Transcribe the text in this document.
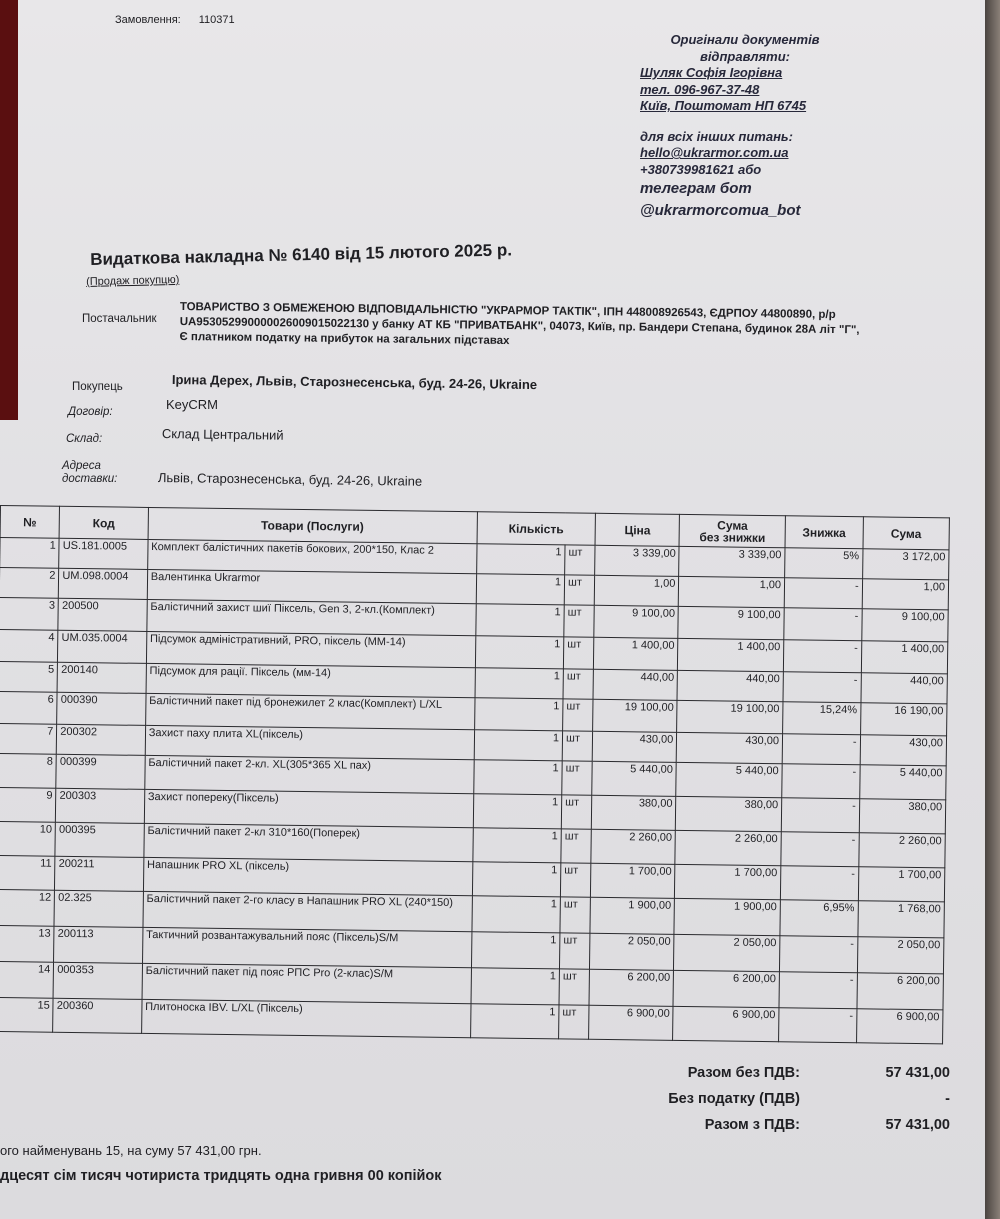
Замовлення: 110371
Оригінали документів відправляти:
Шуляк Софія Ігорівна
тел. 096-967-37-48
Київ, Поштомат НП 6745
для всіх інших питань:
hello@ukrarmor.com.ua
+380739981621 або
телеграм бот
@ukrarmorcomua_bot
Видаткова накладна № 6140 від 15 лютого 2025 р.
(Продаж покупцю)
Постачальник ТОВАРИСТВО З ОБМЕЖЕНОЮ ВІДПОВІДАЛЬНІСТЮ "УКРАРМОР ТАКТІК", ІПН 448008926543, ЄДРПОУ 44800890, р/р UA953052990000026009015022130 у банку АТ КБ "ПРИВАТБАНК", 04073, Київ, пр. Бандери Степана, будинок 28А літ "Г", Є платником податку на прибуток на загальних підставах
Покупець	Ірина Дерех, Львів, Старознесенська, буд. 24-26, Ukraine
Договір:	KeyCRM
Склад:	Склад Центральний
Адреса
доставки:	Львів, Старознесенська, буд. 24-26, Ukraine
№	Код	Товари (Послуги)	Кількість		Ціна	Сума
без знижки	Знижка	Сума
1	US.181.0005	Комплект балістичних пакетів бокових, 200*150, Клас 2	1	шт	3 339,00	3 339,00	5%	3 172,00
2	UM.098.0004	Валентинка Ukrarmor	1	шт	1,00	1,00	-	1,00
3	200500	Балістичний захист шиї Піксель, Gen 3, 2-кл.(Комплект)	1	шт	9 100,00	9 100,00	-	9 100,00
4	UM.035.0004	Підсумок адміністративний, PRO, піксель (ММ-14)	1	шт	1 400,00	1 400,00	-	1 400,00
5	200140	Підсумок для рації. Піксель (мм-14)	1	шт	440,00	440,00	-	440,00
6	000390	Балістичний пакет під бронежилет 2 клас(Комплект) L/XL	1	шт	19 100,00	19 100,00	15,24%	16 190,00
7	200302	Захист паху плита XL(піксель)	1	шт	430,00	430,00	-	430,00
8	000399	Балістичний пакет 2-кл. XL(305*365 XL пах)	1	шт	5 440,00	5 440,00	-	5 440,00
9	200303	Захист попереку(Піксель)	1	шт	380,00	380,00	-	380,00
10	000395	Балістичний пакет 2-кл 310*160(Поперек)	1	шт	2 260,00	2 260,00	-	2 260,00
11	200211	Напашник PRO XL (піксель)	1	шт	1 700,00	1 700,00	-	1 700,00
12	02.325	Балістичний пакет 2-го класу в Напашник PRO XL (240*150)	1	шт	1 900,00	1 900,00	6,95%	1 768,00
13	200113	Тактичний розвантажувальний пояс (Піксель)S/M	1	шт	2 050,00	2 050,00	-	2 050,00
14	000353	Балістичний пакет під пояс РПС Pro (2-клас)S/M	1	шт	6 200,00	6 200,00	-	6 200,00
15	200360	Плитоноска IBV. L/XL (Піксель)	1	шт	6 900,00	6 900,00	-	6 900,00
Разом без ПДВ:	57 431,00
Без податку (ПДВ)	-
Разом з ПДВ:	57 431,00
ого найменувань 15, на суму 57 431,00 грн.
дцесят сім тисяч чотириста тридцять одна гривня 00 копійок
